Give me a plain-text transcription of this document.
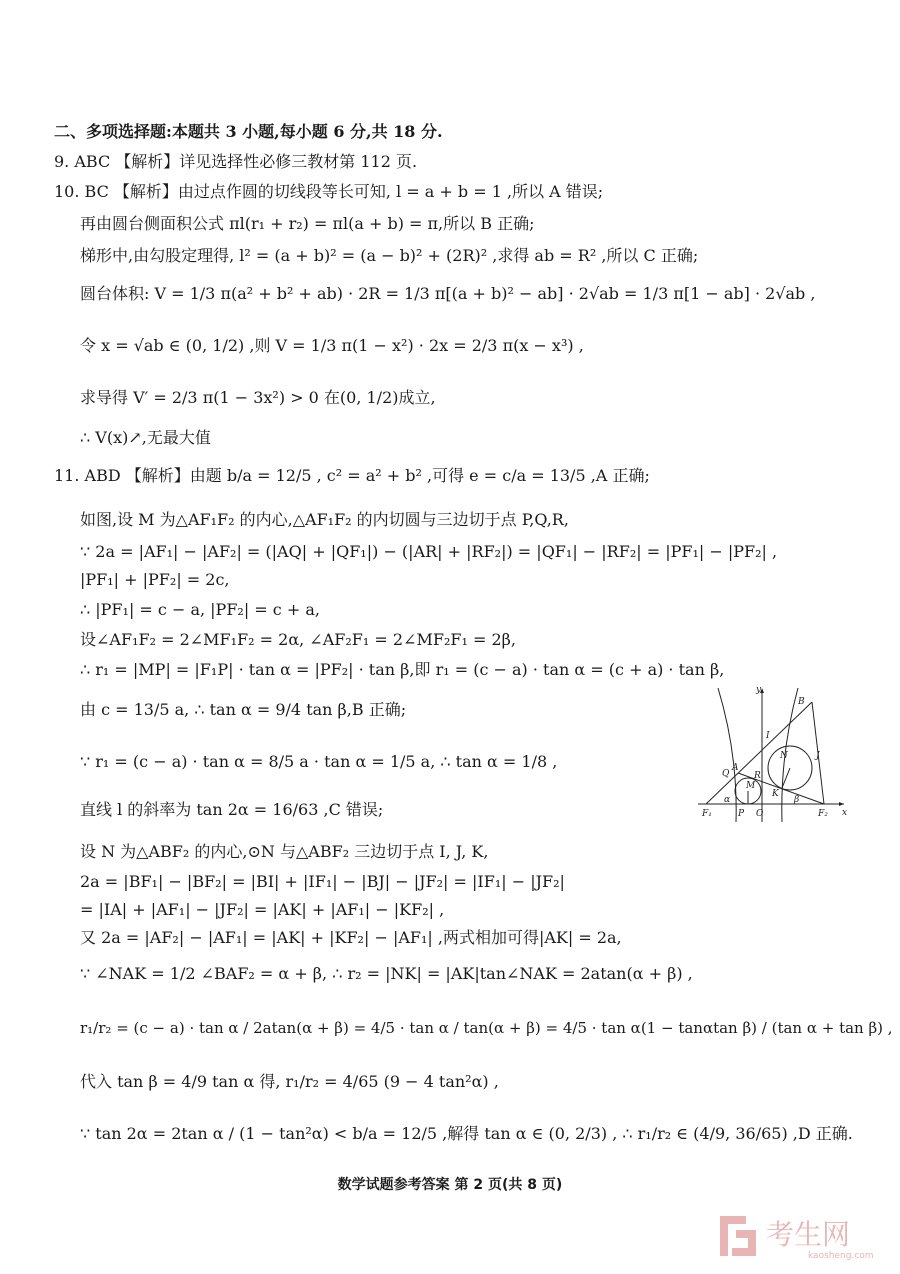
二、多项选择题:本题共 3 小题,每小题 6 分,共 18 分.
9. ABC 【解析】详见选择性必修三教材第 112 页.
10. BC 【解析】由过点作圆的切线段等长可知, l = a + b = 1 ,所以 A 错误;
再由圆台侧面积公式 πl(r₁ + r₂) = πl(a + b) = π,所以 B 正确;
梯形中,由勾股定理得, l² = (a + b)² = (a − b)² + (2R)² ,求得 ab = R² ,所以 C 正确;
圆台体积: V = 1/3 π(a² + b² + ab) · 2R = 1/3 π[(a + b)² − ab] · 2√ab = 1/3 π[1 − ab] · 2√ab ,
令 x = √ab ∈ (0, 1/2) ,则 V = 1/3 π(1 − x²) · 2x = 2/3 π(x − x³) ,
求导得 V′ = 2/3 π(1 − 3x²) > 0 在(0, 1/2)成立,
∴ V(x)↗,无最大值
11. ABD 【解析】由题 b/a = 12/5 , c² = a² + b² ,可得 e = c/a = 13/5 ,A 正确;
如图,设 M 为△AF₁F₂ 的内心,△AF₁F₂ 的内切圆与三边切于点 P,Q,R,
∵ 2a = |AF₁| − |AF₂| = (|AQ| + |QF₁|) − (|AR| + |RF₂|) = |QF₁| − |RF₂| = |PF₁| − |PF₂| ,
|PF₁| + |PF₂| = 2c,
∴ |PF₁| = c − a, |PF₂| = c + a,
设∠AF₁F₂ = 2∠MF₁F₂ = 2α, ∠AF₂F₁ = 2∠MF₂F₁ = 2β,
∴ r₁ = |MP| = |F₁P| · tan α = |PF₂| · tan β,即 r₁ = (c − a) · tan α = (c + a) · tan β,
由 c = 13/5 a, ∴ tan α = 9/4 tan β,B 正确;
∵ r₁ = (c − a) · tan α = 8/5 a · tan α = 1/5 a, ∴ tan α = 1/8 ,
直线 l 的斜率为 tan 2α = 16/63 ,C 错误;
设 N 为△ABF₂ 的内心,⊙N 与△ABF₂ 三边切于点 I, J, K,
2a = |BF₁| − |BF₂| = |BI| + |IF₁| − |BJ| − |JF₂| = |IF₁| − |JF₂|
= |IA| + |AF₁| − |JF₂| = |AK| + |AF₁| − |KF₂| ,
又 2a = |AF₂| − |AF₁| = |AK| + |KF₂| − |AF₁| ,两式相加可得|AK| = 2a,
∵ ∠NAK = 1/2 ∠BAF₂ = α + β, ∴ r₂ = |NK| = |AK|tan∠NAK = 2atan(α + β) ,
r₁/r₂ = (c − a) · tan α / 2atan(α + β) = 4/5 · tan α / tan(α + β) = 4/5 · tan α(1 − tanαtan β) / (tan α + tan β) ,
代入 tan β = 4/9 tan α 得, r₁/r₂ = 4/65 (9 − 4 tan²α) ,
∵ tan 2α = 2tan α / (1 − tan²α) < b/a = 12/5 ,解得 tan α ∈ (0, 2/3) , ∴ r₁/r₂ ∈ (4/9, 36/65) ,D 正确.
y
x
B
I
N	J
Q
A
R
M
K
α	β
F₁	P O	F₂
数学试题参考答案 第 2 页(共 8 页)
考生网
kaosheng.com
